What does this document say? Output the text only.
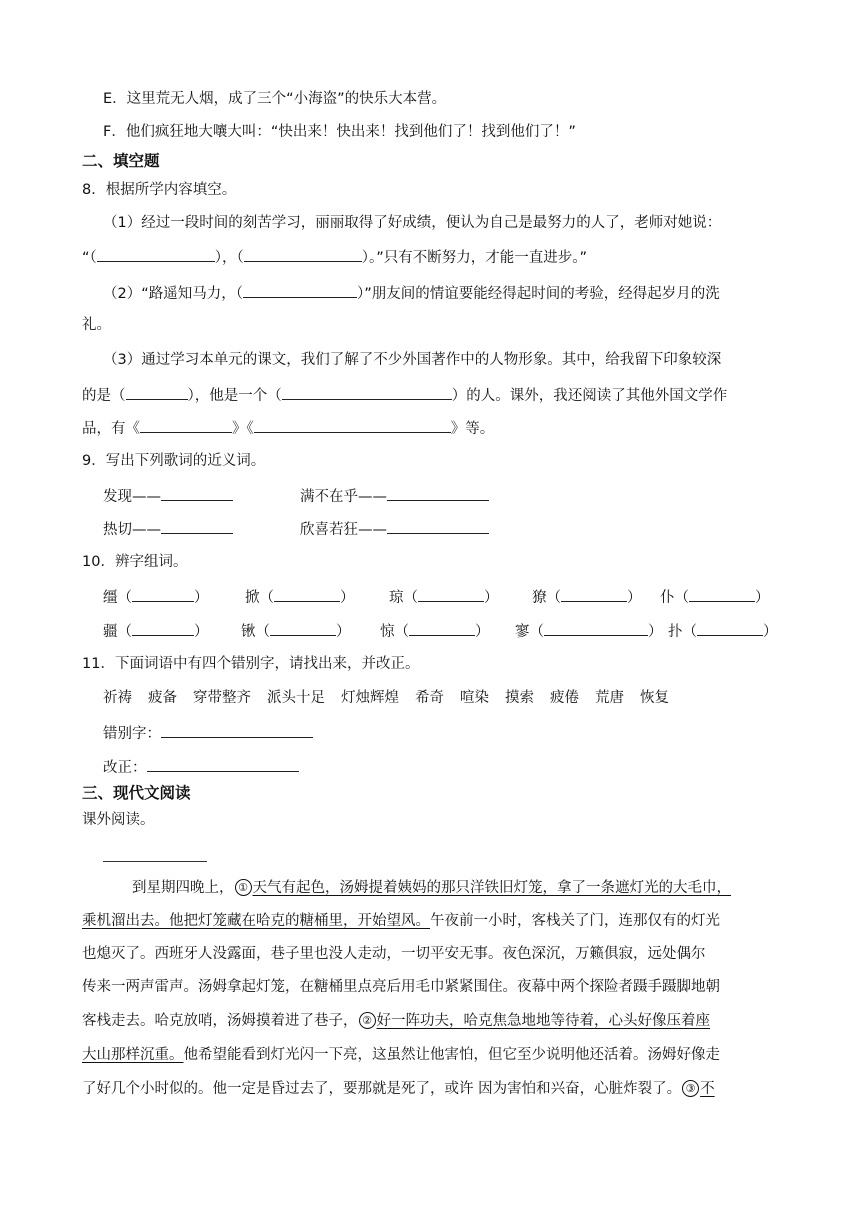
E．这里荒无人烟，成了三个“小海盗”的快乐大本营。
F．他们疯狂地大嚷大叫：“快出来！快出来！找到他们了！找到他们了！”
二、填空题
8．根据所学内容填空。
（1）经过一段时间的刻苦学习，丽丽取得了好成绩，便认为自己是最努力的人了，老师对她说：
“（	），（	）。”只有不断努力，才能一直进步。”
（2）“路遥知马力，（	）”朋友间的情谊要能经得起时间的考验，经得起岁月的洗
礼。
（3）通过学习本单元的课文，我们了解了不少外国著作中的人物形象。其中，给我留下印象较深
的是（	），他是一个（	）的人。课外，我还阅读了其他外国文学作
品，有《	》《	》等。
9．写出下列歌词的近义词。
发现——	满不在乎——
热切——	欣喜若狂——
10．辨字组词。
缰（	）	掀（	） 琼（	） 獠（	） 仆（	）
疆（	） 锹（	） 惊（	） 寥（	） 扑（	）
11．下面词语中有四个错别字，请找出来，并改正。
祈祷 疲备 穿带整齐 派头十足 灯烛辉煌 希奇 喧染 摸索 疲倦 荒唐 恢复
错别字：
改正：
三、现代文阅读
课外阅读。
到星期四晚上， ① 天气有起色，汤姆提着姨妈的那只洋铁旧灯笼，拿了一条遮灯光的大毛巾，
乘机溜出去。他把灯笼藏在哈克的糖桶里，开始望风。午夜前一小时，客栈关了门，连那仅有的灯光
也熄灭了。西班牙人没露面，巷子里也没人走动，一切平安无事。夜色深沉，万籁俱寂，远处偶尔
传来一两声雷声。汤姆拿起灯笼，在糖桶里点亮后用毛巾紧紧围住。夜幕中两个探险者蹑手蹑脚地朝
客栈走去。哈克放哨，汤姆摸着进了巷子， ② 好一阵功夫，哈克焦急地地等待着，心头好像压着座
大山那样沉重。他希望能看到灯光闪一下亮，这虽然让他害怕，但它至少说明他还活着。汤姆好像走
了好几个小时似的。他一定是昏过去了，要那就是死了，或许 因为害怕和兴奋，心脏炸裂了。 ③ 不
